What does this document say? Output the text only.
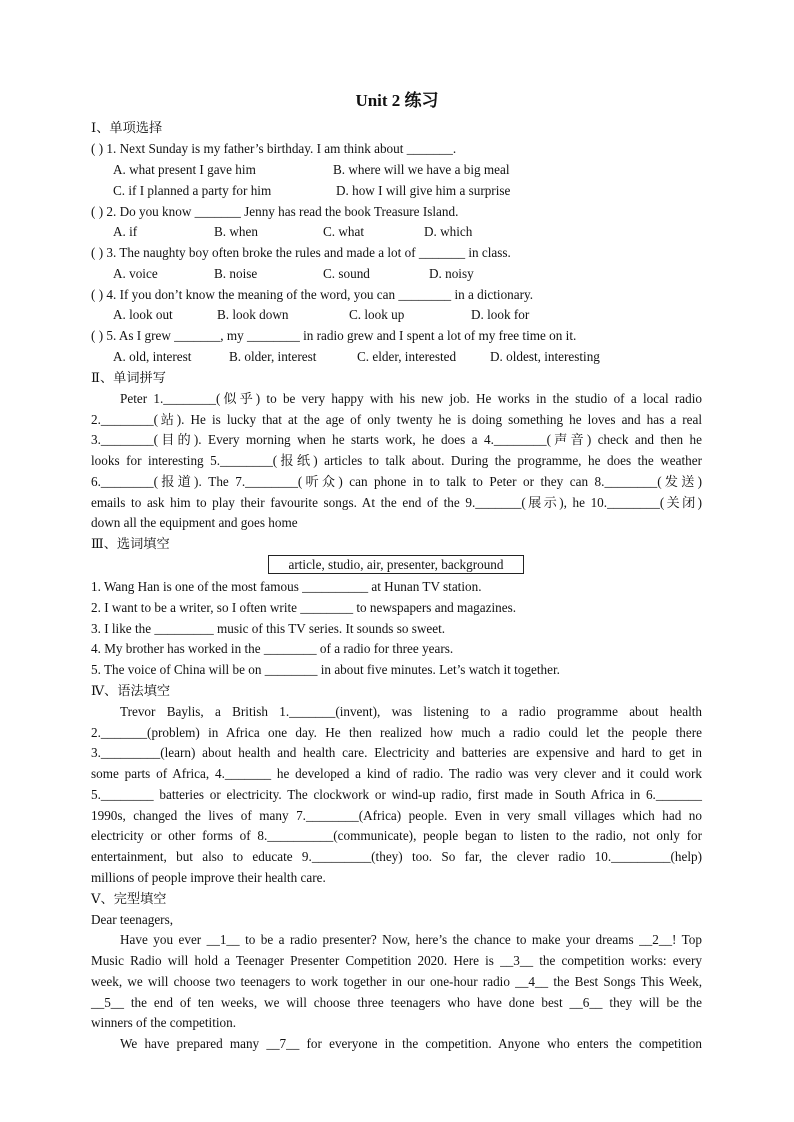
Unit 2 练习
Ⅰ、单项选择
( ) 1. Next Sunday is my father’s birthday. I am think about _______.
A. what present I gave him	B. where will we have a big meal
C. if I planned a party for him	D. how I will give him a surprise
( ) 2. Do you know _______ Jenny has read the book Treasure Island.
A. if	B. when	C. what	D. which
( ) 3. The naughty boy often broke the rules and made a lot of _______ in class.
A. voice	B. noise	C. sound	D. noisy
( ) 4. If you don’t know the meaning of the word, you can ________ in a dictionary.
A. look out	B. look down	C. look up	D. look for
( ) 5. As I grew _______, my ________ in radio grew and I spent a lot of my free time on it.
A. old, interest	B. older, interest	C. elder, interested	D. oldest, interesting
Ⅱ、单词拼写
Peter 1.________(似乎) to be very happy with his new job. He works in the studio of a local radio
2.________(站). He is lucky that at the age of only twenty he is doing something he loves and has a real
3.________(目的). Every morning when he starts work, he does a 4.________(声音) check and then he
looks for interesting 5.________(报纸) articles to talk about. During the programme, he does the weather
6.________(报道). The 7.________(听众) can phone in to talk to Peter or they can 8.________(发送)
emails to ask him to play their favourite songs. At the end of the 9._______(展示), he 10.________(关闭)
down all the equipment and goes home
Ⅲ、选词填空
article, studio, air, presenter, background
1. Wang Han is one of the most famous __________ at Hunan TV station.
2. I want to be a writer, so I often write ________ to newspapers and magazines.
3. I like the _________ music of this TV series. It sounds so sweet.
4. My brother has worked in the ________ of a radio for three years.
5. The voice of China will be on ________ in about five minutes. Let’s watch it together.
Ⅳ、语法填空
Trevor Baylis, a British 1._______(invent), was listening to a radio programme about health
2._______(problem) in Africa one day. He then realized how much a radio could let the people there
3._________(learn) about health and health care. Electricity and batteries are expensive and hard to get in
some parts of Africa, 4._______ he developed a kind of radio. The radio was very clever and it could work
5.________ batteries or electricity. The clockwork or wind-up radio, first made in South Africa in 6._______
1990s, changed the lives of many 7.________(Africa) people. Even in very small villages which had no
electricity or other forms of 8.__________(communicate), people began to listen to the radio, not only for
entertainment, but also to educate 9._________(they) too. So far, the clever radio 10._________(help)
millions of people improve their health care.
Ⅴ、完型填空
Dear teenagers,
Have you ever __1__ to be a radio presenter? Now, here’s the chance to make your dreams __2__! Top
Music Radio will hold a Teenager Presenter Competition 2020. Here is __3__ the competition works: every
week, we will choose two teenagers to work together in our one-hour radio __4__ the Best Songs This Week,
__5__ the end of ten weeks, we will choose three teenagers who have done best __6__ they will be the
winners of the competition.
We have prepared many __7__ for everyone in the competition. Anyone who enters the competition
